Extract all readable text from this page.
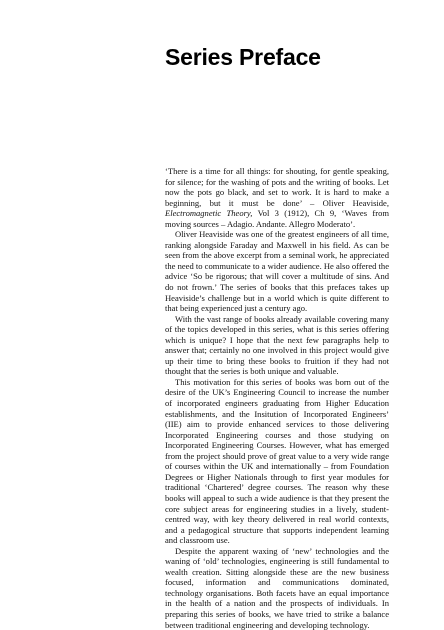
Series Preface

‘There is a time for all things: for shouting, for gentle speaking, for silence; for the washing of pots and the writing of books. Let now the pots go black, and set to work. It is hard to make a beginning, but it must be done’ – Oliver Heaviside, Electromagnetic Theory, Vol 3 (1912), Ch 9, ‘Waves from moving sources – Adagio. Andante. Allegro Moderato’.

Oliver Heaviside was one of the greatest engineers of all time, ranking alongside Faraday and Maxwell in his field. As can be seen from the above excerpt from a seminal work, he appreciated the need to communicate to a wider audience. He also offered the advice ‘So be rigorous; that will cover a multitude of sins. And do not frown.’ The series of books that this prefaces takes up Heaviside’s challenge but in a world which is quite different to that being experienced just a century ago.

With the vast range of books already available covering many of the topics developed in this series, what is this series offering which is unique? I hope that the next few paragraphs help to answer that; certainly no one involved in this project would give up their time to bring these books to fruition if they had not thought that the series is both unique and valuable.

This motivation for this series of books was born out of the desire of the UK’s Engineering Council to increase the number of incorporated engineers graduating from Higher Education establishments, and the Insitution of Incorporated Engineers’ (IIE) aim to provide enhanced services to those delivering Incorporated Engineering courses and those studying on Incorporated Engineering Courses. However, what has emerged from the project should prove of great value to a very wide range of courses within the UK and internationally – from Foundation Degrees or Higher Nationals through to first year modules for traditional ‘Chartered’ degree courses. The reason why these books will appeal to such a wide audience is that they present the core subject areas for engineering studies in a lively, student-centred way, with key theory delivered in real world contexts, and a pedagogical structure that supports independent learning and classroom use.

Despite the apparent waxing of ‘new’ technologies and the waning of ‘old’ technologies, engineering is still fundamental to wealth creation. Sitting alongside these are the new business focused, information and communications dominated, technology organisations. Both facets have an equal importance in the health of a nation and the prospects of individuals. In preparing this series of books, we have tried to strike a balance between traditional engineering and developing technology.
